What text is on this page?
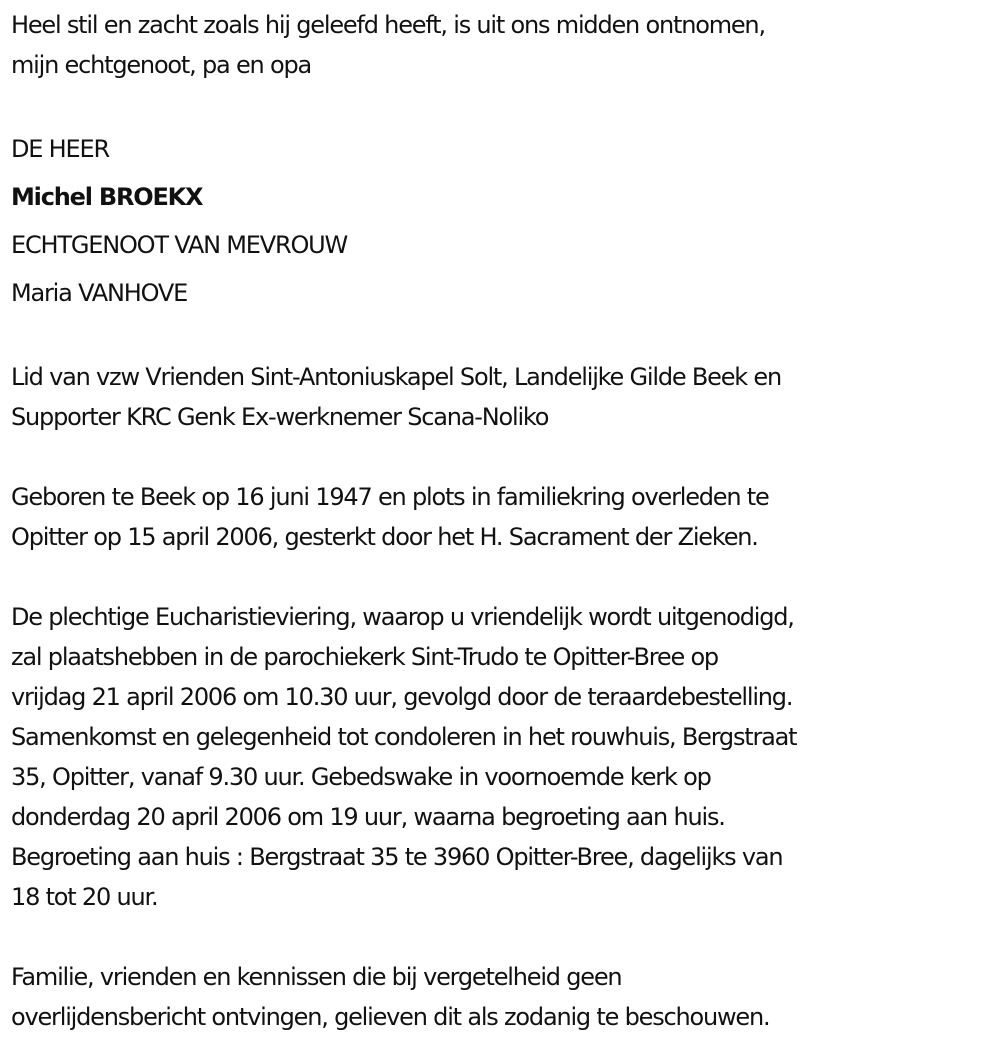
Heel stil en zacht zoals hij geleefd heeft, is uit ons midden ontnomen,

mijn echtgenoot, pa en opa

DE HEER

Michel BROEKX

ECHTGENOOT VAN MEVROUW

Maria VANHOVE

Lid van vzw Vrienden Sint-Antoniuskapel Solt, Landelijke Gilde Beek en

Supporter KRC Genk Ex-werknemer Scana-Noliko

Geboren te Beek op 16 juni 1947 en plots in familiekring overleden te

Opitter op 15 april 2006, gesterkt door het H. Sacrament der Zieken.

De plechtige Eucharistieviering, waarop u vriendelijk wordt uitgenodigd,

zal plaatshebben in de parochiekerk Sint-Trudo te Opitter-Bree op

vrijdag 21 april 2006 om 10.30 uur, gevolgd door de teraardebestelling.

Samenkomst en gelegenheid tot condoleren in het rouwhuis, Bergstraat

35, Opitter, vanaf 9.30 uur. Gebedswake in voornoemde kerk op

donderdag 20 april 2006 om 19 uur, waarna begroeting aan huis.

Begroeting aan huis : Bergstraat 35 te 3960 Opitter-Bree, dagelijks van

18 tot 20 uur.

Familie, vrienden en kennissen die bij vergetelheid geen

overlijdensbericht ontvingen, gelieven dit als zodanig te beschouwen.
